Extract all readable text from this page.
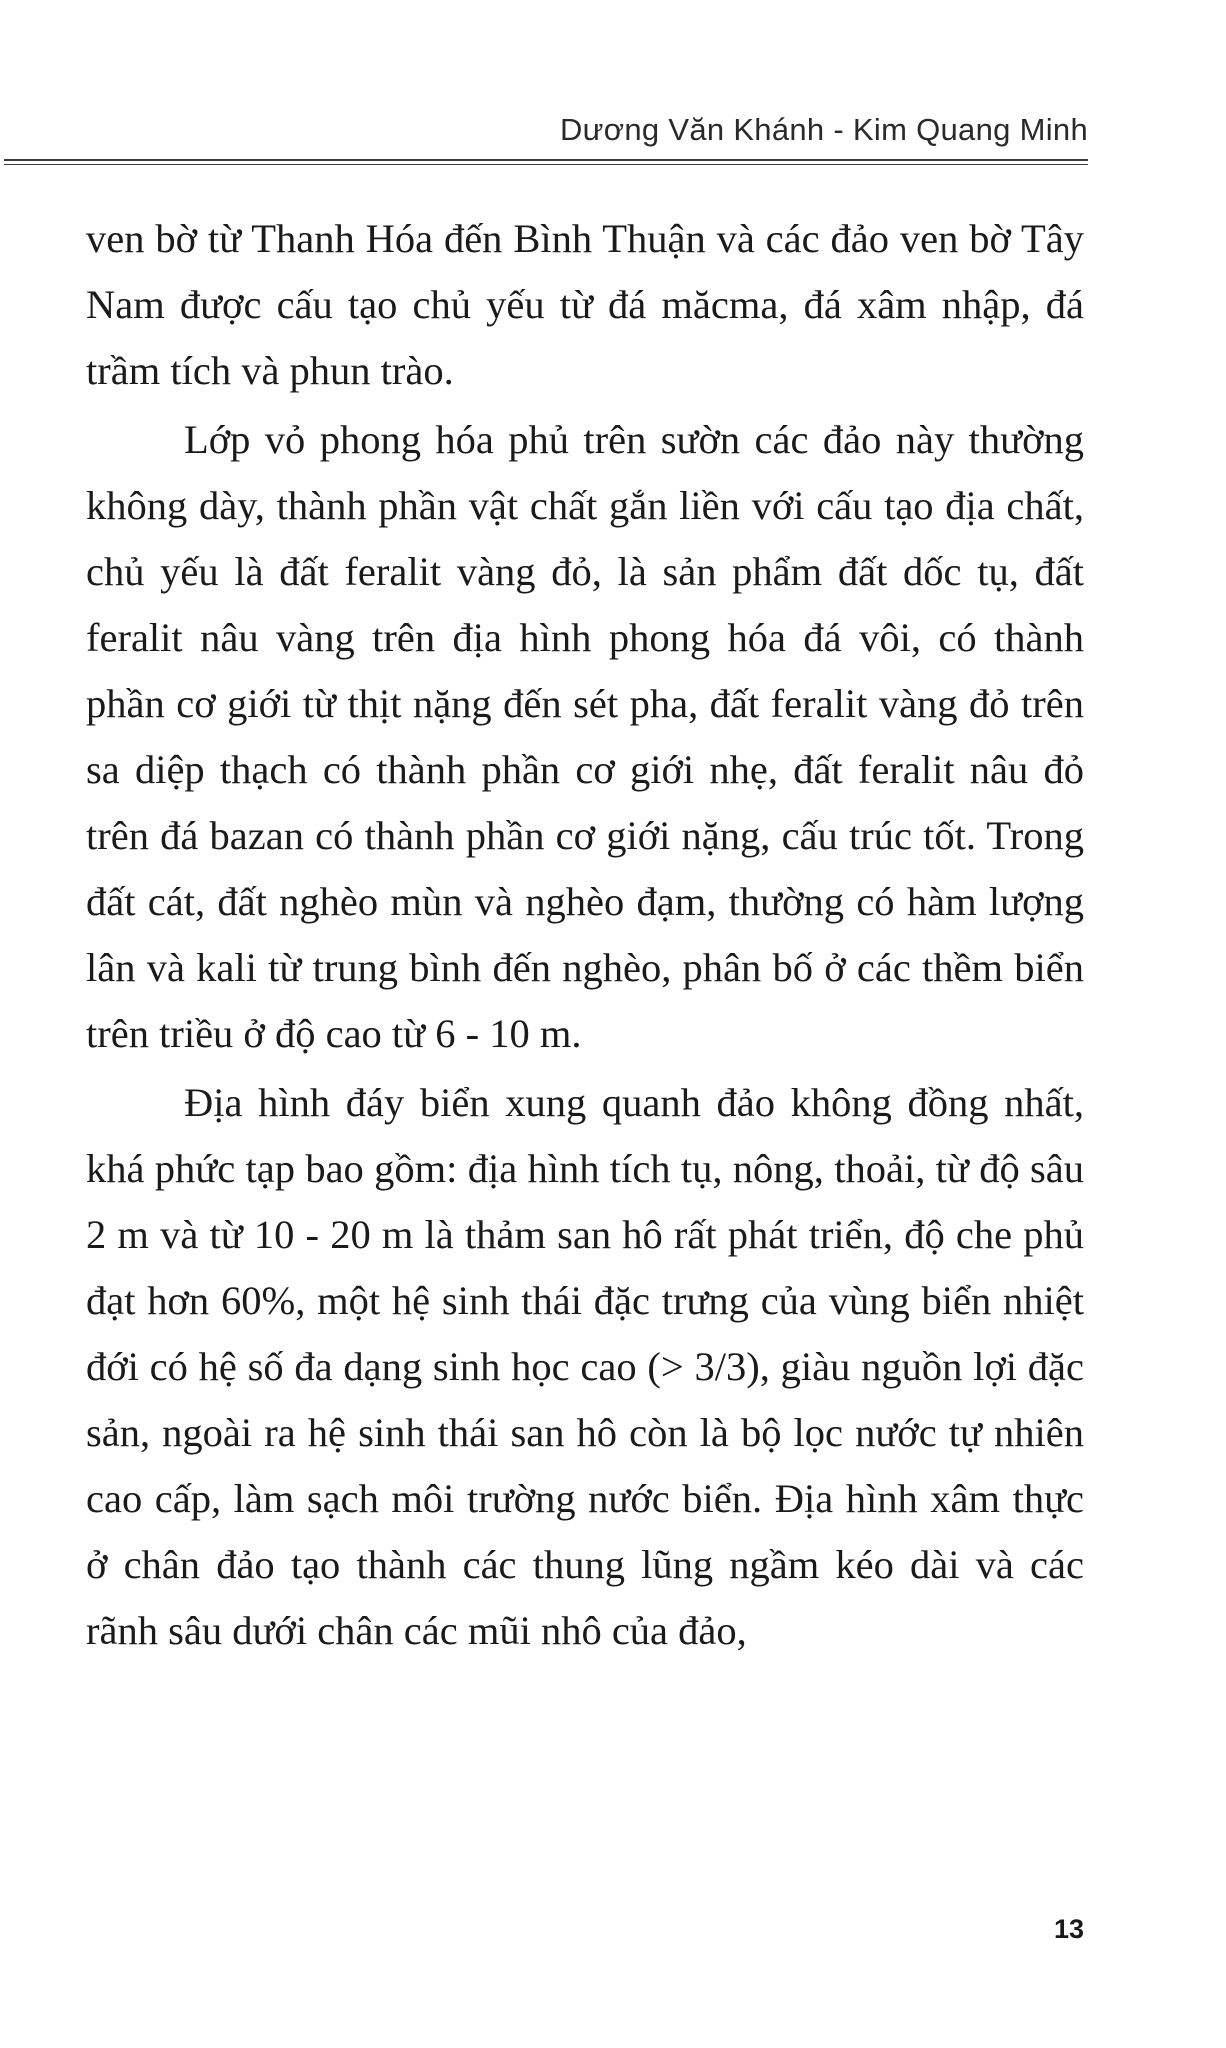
Dương Văn Khánh - Kim Quang Minh

ven bờ từ Thanh Hóa đến Bình Thuận và các đảo ven bờ Tây Nam được cấu tạo chủ yếu từ đá măcma, đá xâm nhập, đá trầm tích và phun trào.

Lớp vỏ phong hóa phủ trên sườn các đảo này thường không dày, thành phần vật chất gắn liền với cấu tạo địa chất, chủ yếu là đất feralit vàng đỏ, là sản phẩm đất dốc tụ, đất feralit nâu vàng trên địa hình phong hóa đá vôi, có thành phần cơ giới từ thịt nặng đến sét pha, đất feralit vàng đỏ trên sa diệp thạch có thành phần cơ giới nhẹ, đất feralit nâu đỏ trên đá bazan có thành phần cơ giới nặng, cấu trúc tốt. Trong đất cát, đất nghèo mùn và nghèo đạm, thường có hàm lượng lân và kali từ trung bình đến nghèo, phân bố ở các thềm biển trên triều ở độ cao từ 6 - 10 m.

Địa hình đáy biển xung quanh đảo không đồng nhất, khá phức tạp bao gồm: địa hình tích tụ, nông, thoải, từ độ sâu 2 m và từ 10 - 20 m là thảm san hô rất phát triển, độ che phủ đạt hơn 60%, một hệ sinh thái đặc trưng của vùng biển nhiệt đới có hệ số đa dạng sinh học cao (> 3/3), giàu nguồn lợi đặc sản, ngoài ra hệ sinh thái san hô còn là bộ lọc nước tự nhiên cao cấp, làm sạch môi trường nước biển. Địa hình xâm thực ở chân đảo tạo thành các thung lũng ngầm kéo dài và các rãnh sâu dưới chân các mũi nhô của đảo,

13
